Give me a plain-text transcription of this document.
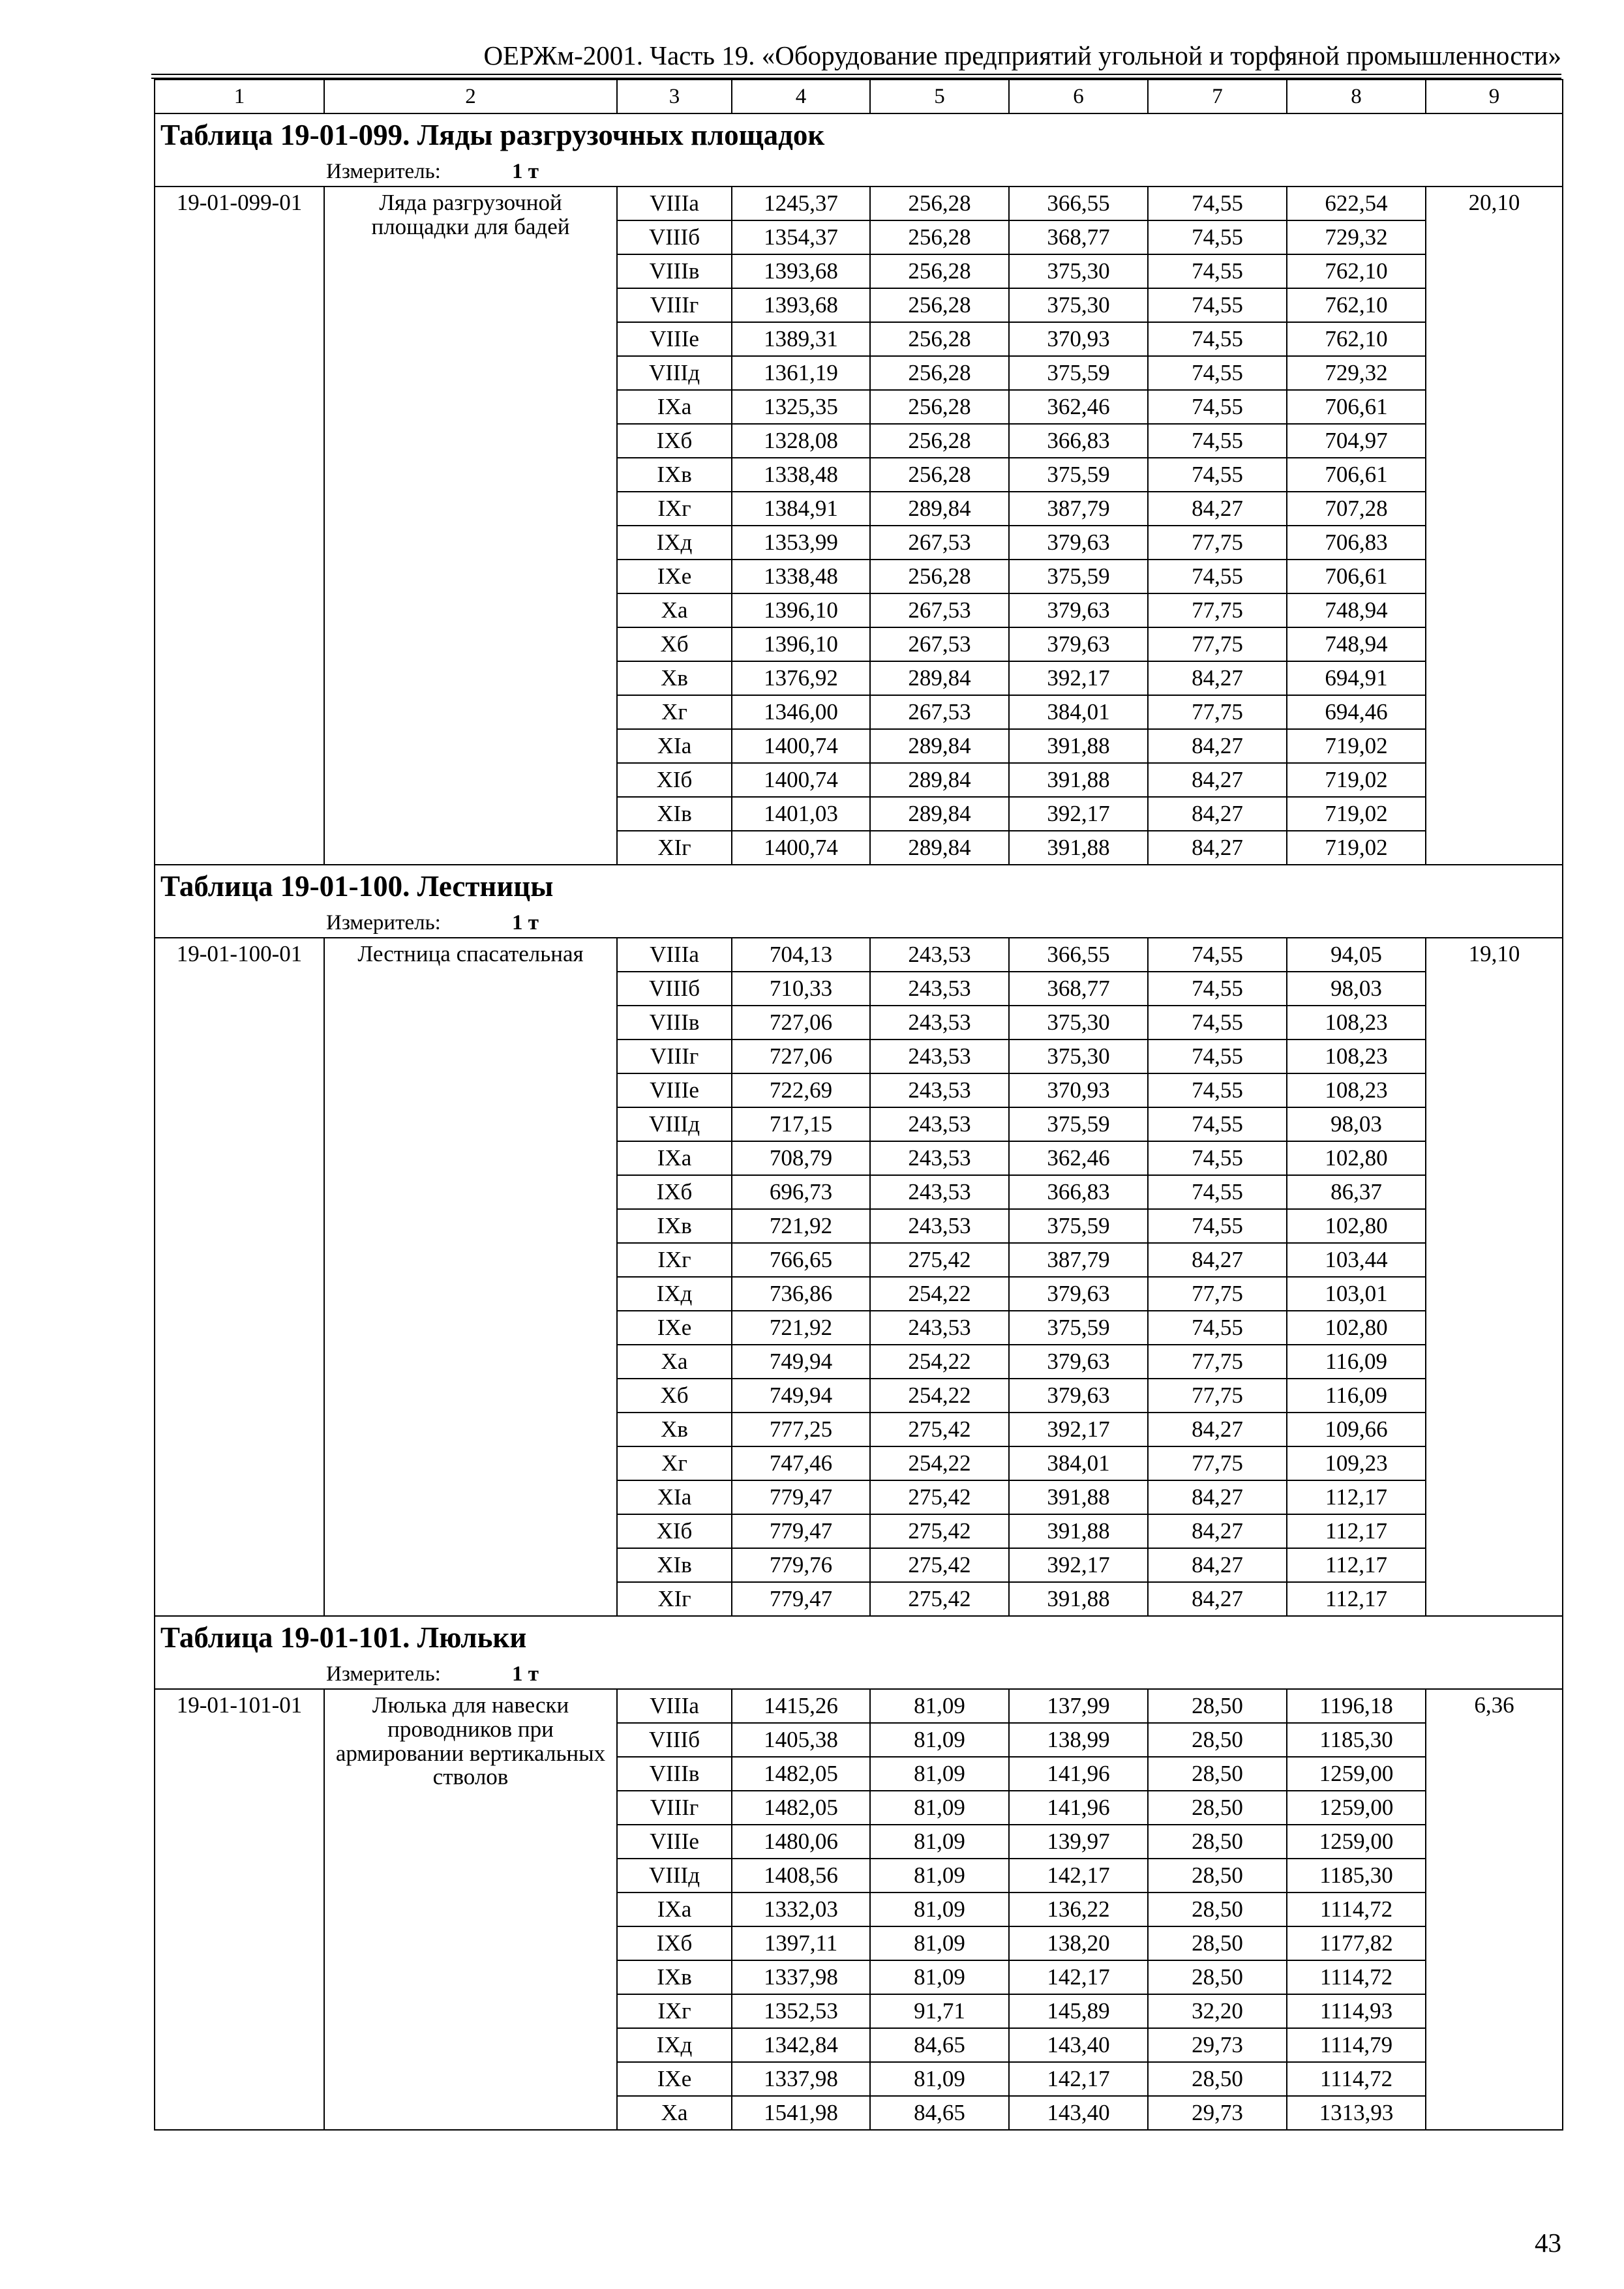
ОЕРЖм-2001. Часть 19. «Оборудование предприятий угольной и торфяной промышленности»
1	2	3	4	5	6	7	8	9
Таблица 19-01-099. Ляды разгрузочных площадок								
Измеритель: 1 т								
19-01-099-01	Ляда разгрузочной площадки для бадей	VIIIа	1245,37	256,28	366,55	74,55	622,54	20,10
		VIIIб	1354,37	256,28	368,77	74,55	729,32	
		VIIIв	1393,68	256,28	375,30	74,55	762,10	
		VIIIг	1393,68	256,28	375,30	74,55	762,10	
		VIIIе	1389,31	256,28	370,93	74,55	762,10	
		VIIIд	1361,19	256,28	375,59	74,55	729,32	
		IХа	1325,35	256,28	362,46	74,55	706,61	
		IХб	1328,08	256,28	366,83	74,55	704,97	
		IХв	1338,48	256,28	375,59	74,55	706,61	
		IХг	1384,91	289,84	387,79	84,27	707,28	
		IХд	1353,99	267,53	379,63	77,75	706,83	
		IХе	1338,48	256,28	375,59	74,55	706,61	
		Ха	1396,10	267,53	379,63	77,75	748,94	
		Хб	1396,10	267,53	379,63	77,75	748,94	
		Хв	1376,92	289,84	392,17	84,27	694,91	
		Хг	1346,00	267,53	384,01	77,75	694,46	
		ХIа	1400,74	289,84	391,88	84,27	719,02	
		ХIб	1400,74	289,84	391,88	84,27	719,02	
		ХIв	1401,03	289,84	392,17	84,27	719,02	
		ХIг	1400,74	289,84	391,88	84,27	719,02	
Таблица 19-01-100. Лестницы								
Измеритель: 1 т								
19-01-100-01	Лестница спасательная	VIIIа	704,13	243,53	366,55	74,55	94,05	19,10
		VIIIб	710,33	243,53	368,77	74,55	98,03	
		VIIIв	727,06	243,53	375,30	74,55	108,23	
		VIIIг	727,06	243,53	375,30	74,55	108,23	
		VIIIе	722,69	243,53	370,93	74,55	108,23	
		VIIIд	717,15	243,53	375,59	74,55	98,03	
		IХа	708,79	243,53	362,46	74,55	102,80	
		IХб	696,73	243,53	366,83	74,55	86,37	
		IХв	721,92	243,53	375,59	74,55	102,80	
		IХг	766,65	275,42	387,79	84,27	103,44	
		IХд	736,86	254,22	379,63	77,75	103,01	
		IХе	721,92	243,53	375,59	74,55	102,80	
		Ха	749,94	254,22	379,63	77,75	116,09	
		Хб	749,94	254,22	379,63	77,75	116,09	
		Хв	777,25	275,42	392,17	84,27	109,66	
		Хг	747,46	254,22	384,01	77,75	109,23	
		ХIа	779,47	275,42	391,88	84,27	112,17	
		ХIб	779,47	275,42	391,88	84,27	112,17	
		ХIв	779,76	275,42	392,17	84,27	112,17	
		ХIг	779,47	275,42	391,88	84,27	112,17	
Таблица 19-01-101. Люльки								
Измеритель: 1 т								
19-01-101-01	Люлька для навески проводников при армировании вертикальных стволов	VIIIа	1415,26	81,09	137,99	28,50	1196,18	6,36
		VIIIб	1405,38	81,09	138,99	28,50	1185,30	
		VIIIв	1482,05	81,09	141,96	28,50	1259,00	
		VIIIг	1482,05	81,09	141,96	28,50	1259,00	
		VIIIе	1480,06	81,09	139,97	28,50	1259,00	
		VIIIд	1408,56	81,09	142,17	28,50	1185,30	
		IХа	1332,03	81,09	136,22	28,50	1114,72	
		IХб	1397,11	81,09	138,20	28,50	1177,82	
		IХв	1337,98	81,09	142,17	28,50	1114,72	
		IХг	1352,53	91,71	145,89	32,20	1114,93	
		IХд	1342,84	84,65	143,40	29,73	1114,79	
		IХе	1337,98	81,09	142,17	28,50	1114,72	
		Ха	1541,98	84,65	143,40	29,73	1313,93	
43
